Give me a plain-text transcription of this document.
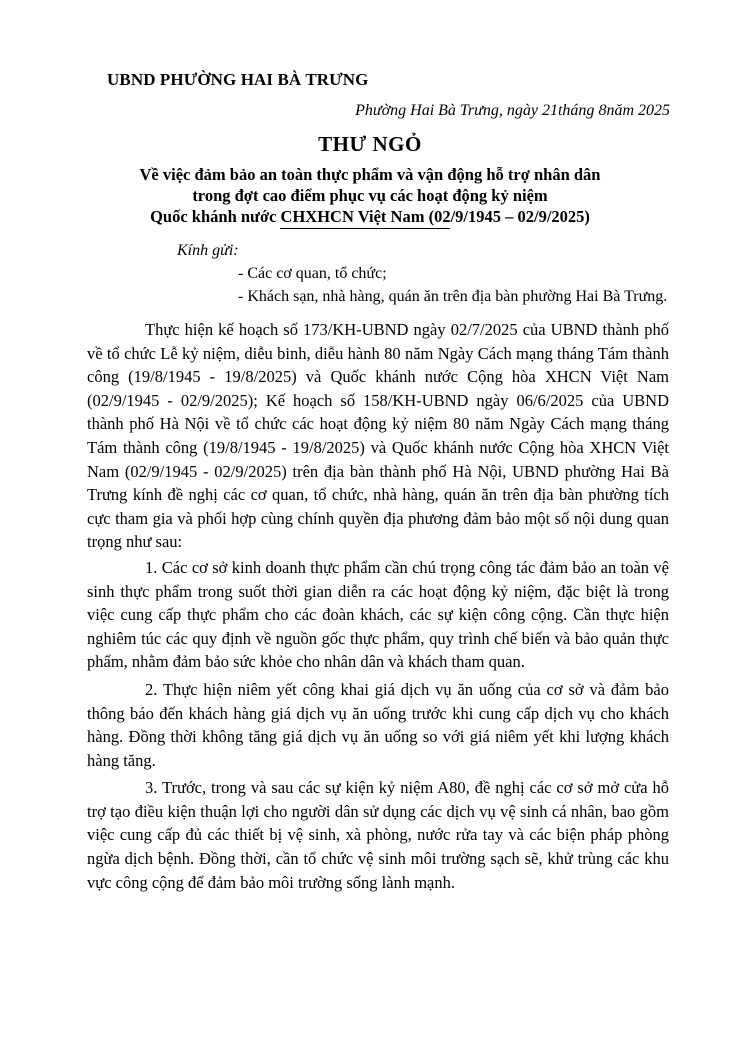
UBND PHƯỜNG HAI BÀ TRƯNG
Phường Hai Bà Trưng, ngày 21tháng 8năm 2025
THƯ NGỎ
Về việc đảm bảo an toàn thực phẩm và vận động hỗ trợ nhân dân
trong đợt cao điểm phục vụ các hoạt động kỷ niệm
Quốc khánh nước CHXHCN Việt Nam (02/9/1945 – 02/9/2025)
Kính gửi:
- Các cơ quan, tổ chức;
- Khách sạn, nhà hàng, quán ăn trên địa bàn phường Hai Bà Trưng.

Thực hiện kế hoạch số 173/KH-UBND ngày 02/7/2025 của UBND thành phố về tổ chức Lễ kỷ niệm, diễu binh, diễu hành 80 năm Ngày Cách mạng tháng Tám thành công (19/8/1945 - 19/8/2025) và Quốc khánh nước Cộng hòa XHCN Việt Nam (02/9/1945 - 02/9/2025); Kế hoạch số 158/KH-UBND ngày 06/6/2025 của UBND thành phố Hà Nội về tổ chức các hoạt động kỷ niệm 80 năm Ngày Cách mạng tháng Tám thành công (19/8/1945 - 19/8/2025) và Quốc khánh nước Cộng hòa XHCN Việt Nam (02/9/1945 - 02/9/2025) trên địa bàn thành phố Hà Nội, UBND phường Hai Bà Trưng kính đề nghị các cơ quan, tổ chức, nhà hàng, quán ăn trên địa bàn phường tích cực tham gia và phối hợp cùng chính quyền địa phương đảm bảo một số nội dung quan trọng như sau:

1. Các cơ sở kinh doanh thực phẩm cần chú trọng công tác đảm bảo an toàn vệ sinh thực phẩm trong suốt thời gian diễn ra các hoạt động kỷ niệm, đặc biệt là trong việc cung cấp thực phẩm cho các đoàn khách, các sự kiện công cộng. Cần thực hiện nghiêm túc các quy định về nguồn gốc thực phẩm, quy trình chế biến và bảo quản thực phẩm, nhằm đảm bảo sức khỏe cho nhân dân và khách tham quan.

2. Thực hiện niêm yết công khai giá dịch vụ ăn uống của cơ sở và đảm bảo thông báo đến khách hàng giá dịch vụ ăn uống trước khi cung cấp dịch vụ cho khách hàng. Đồng thời không tăng giá dịch vụ ăn uống so với giá niêm yết khi lượng khách hàng tăng.

3. Trước, trong và sau các sự kiện kỷ niệm A80, đề nghị các cơ sở mở cửa hỗ trợ tạo điều kiện thuận lợi cho người dân sử dụng các dịch vụ vệ sinh cá nhân, bao gồm việc cung cấp đủ các thiết bị vệ sinh, xà phòng, nước rửa tay và các biện pháp phòng ngừa dịch bệnh. Đồng thời, cần tổ chức vệ sinh môi trường sạch sẽ, khử trùng các khu vực công cộng để đảm bảo môi trường sống lành mạnh.
